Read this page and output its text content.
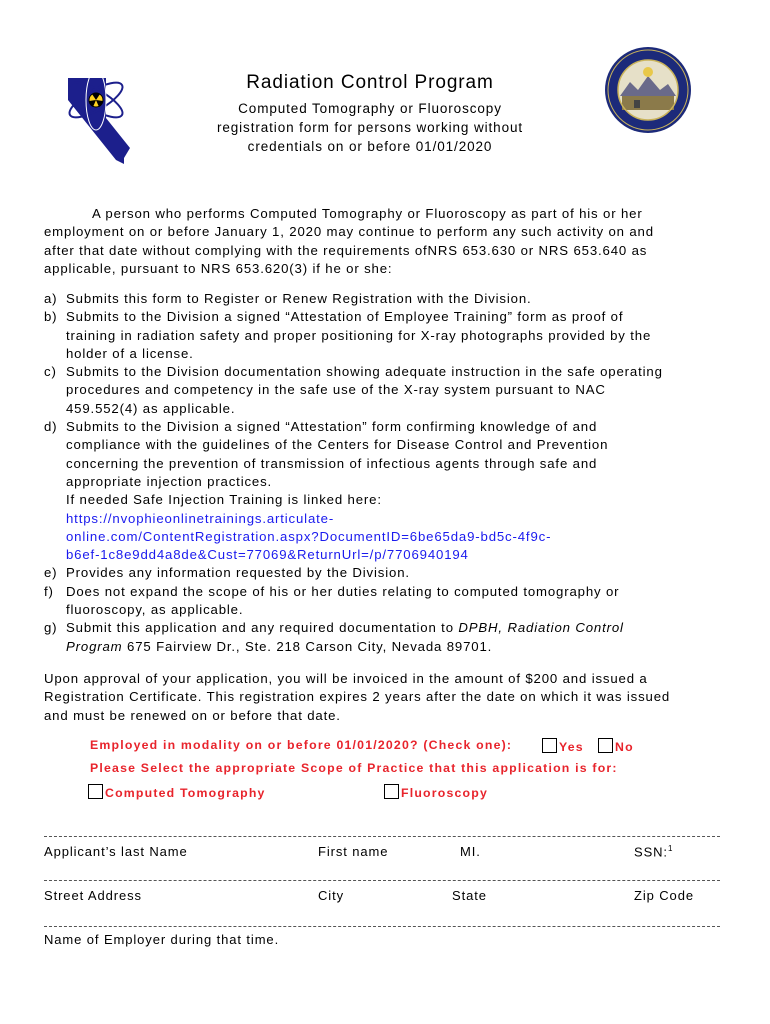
Radiation Control Program
Computed Tomography or Fluoroscopy
registration form for persons working without
credentials on or before 01/01/2020
A person who performs Computed Tomography or Fluoroscopy as part of his or her
employment on or before January 1, 2020 may continue to perform any such activity on and
after that date without complying with the requirements ofNRS 653.630 or NRS 653.640 as
applicable, pursuant to NRS 653.620(3) if he or she:
a) Submits this form to Register or Renew Registration with the Division.
b) Submits to the Division a signed “Attestation of Employee Training” form as proof of
training in radiation safety and proper positioning for X-ray photographs provided by the
holder of a license.
c) Submits to the Division documentation showing adequate instruction in the safe operating
procedures and competency in the safe use of the X-ray system pursuant to NAC
459.552(4) as applicable.
d) Submits to the Division a signed “Attestation” form confirming knowledge of and
compliance with the guidelines of the Centers for Disease Control and Prevention
concerning the prevention of transmission of infectious agents through safe and
appropriate injection practices.
If needed Safe Injection Training is linked here:
https://nvophieonlinetrainings.articulate-
online.com/ContentRegistration.aspx?DocumentID=6be65da9-bd5c-4f9c-
b6ef-1c8e9dd4a8de&Cust=77069&ReturnUrl=/p/7706940194
e) Provides any information requested by the Division.
f) Does not expand the scope of his or her duties relating to computed tomography or
fluoroscopy, as applicable.
g) Submit this application and any required documentation to DPBH, Radiation Control
Program 675 Fairview Dr., Ste. 218 Carson City, Nevada 89701.
Upon approval of your application, you will be invoiced in the amount of $200 and issued a
Registration Certificate. This registration expires 2 years after the date on which it was issued
and must be renewed on or before that date.
Employed in modality on or before 01/01/2020? (Check one):	Yes	No
Please Select the appropriate Scope of Practice that this application is for:
Computed Tomography	Fluoroscopy
Applicant’s last Name	First name	MI.	SSN:$^1$
Street Address	City	State	Zip Code
Name of Employer during that time.
